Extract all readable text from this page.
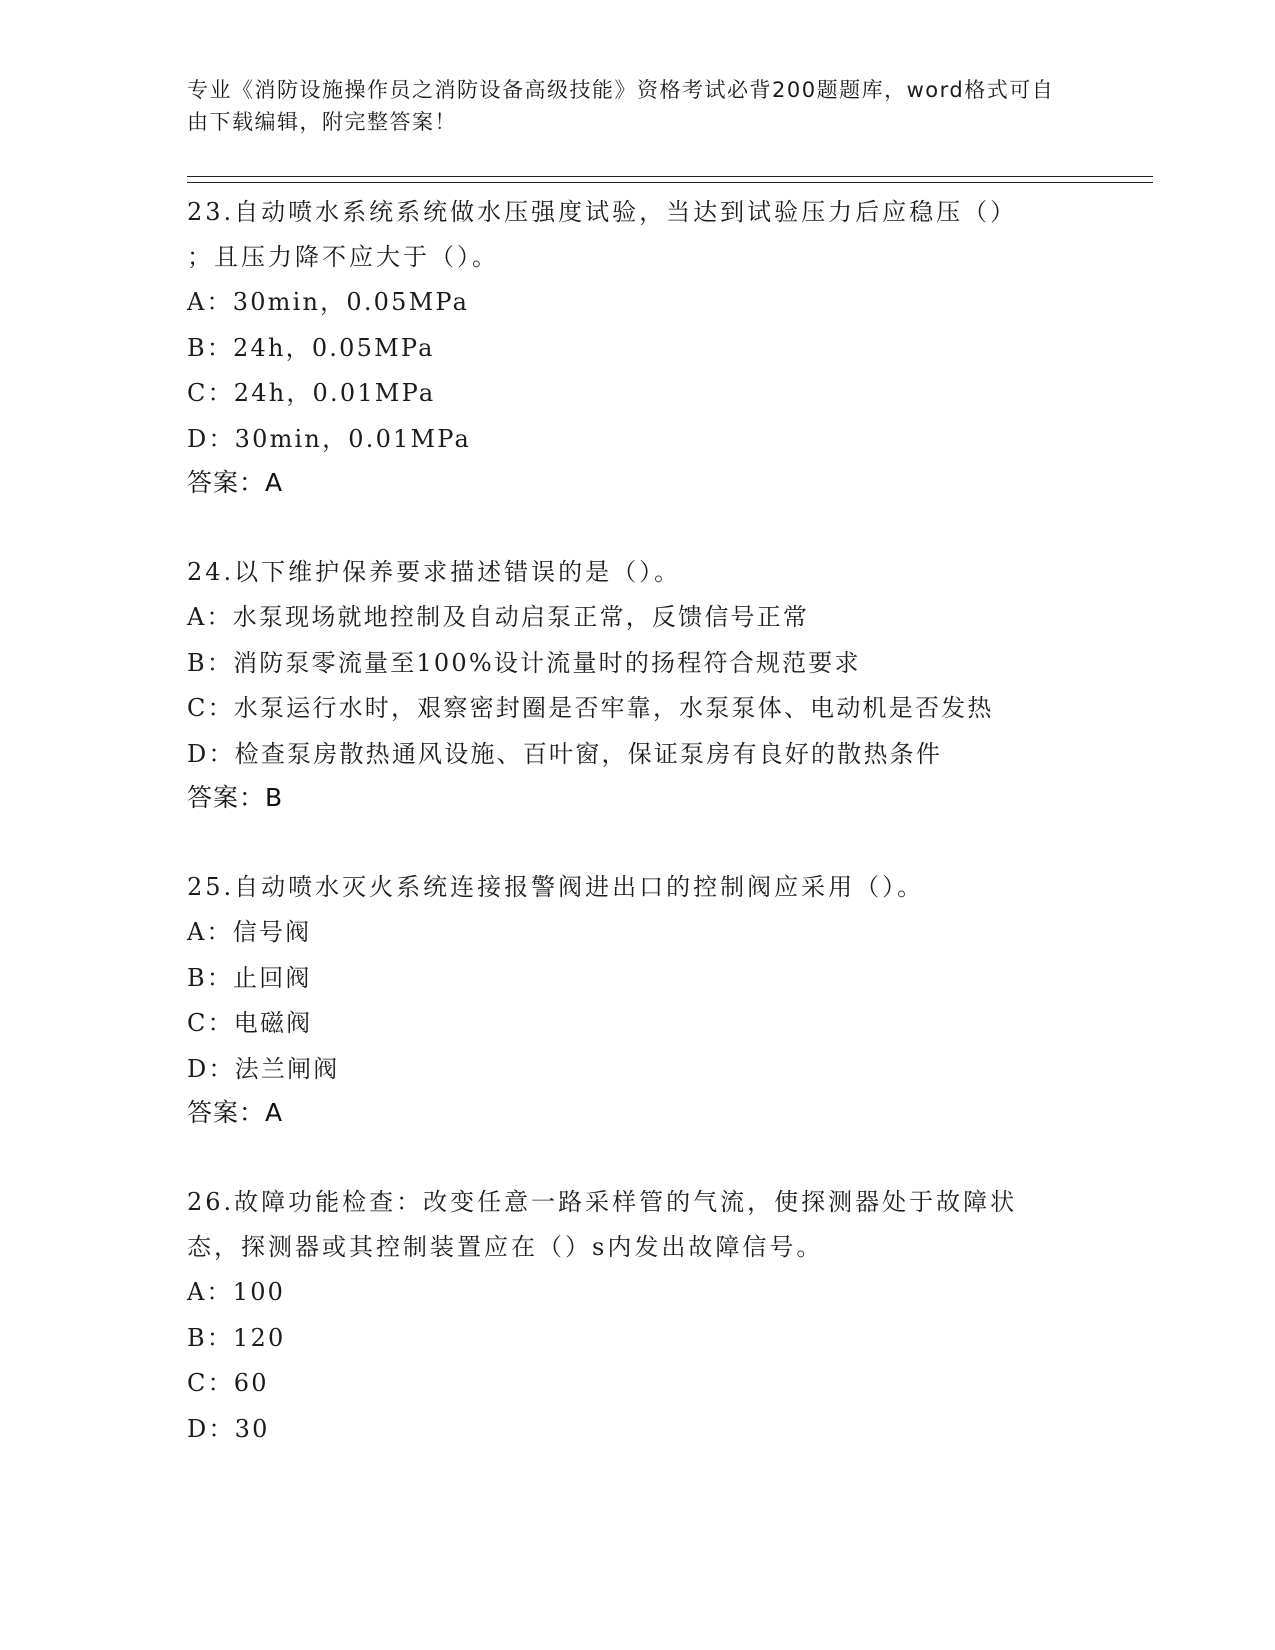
专业《消防设施操作员之消防设备高级技能》资格考试必背200题题库，word格式可自由下载编辑，附完整答案！

23.自动喷水系统系统做水压强度试验，当达到试验压力后应稳压（）

；且压力降不应大于（）。

A：30min，0.05MPa

B：24h，0.05MPa

C：24h，0.01MPa

D：30min，0.01MPa

答案：A

24.以下维护保养要求描述错误的是（）。

A：水泵现场就地控制及自动启泵正常，反馈信号正常

B：消防泵零流量至100%设计流量时的扬程符合规范要求

C：水泵运行水时，艰察密封圈是否牢靠，水泵泵体、电动机是否发热

D：检查泵房散热通风设施、百叶窗，保证泵房有良好的散热条件

答案：B

25.自动喷水灭火系统连接报警阀进出口的控制阀应采用（）。

A：信号阀

B：止回阀

C：电磁阀

D：法兰闸阀

答案：A

26.故障功能检查：改变任意一路采样管的气流，使探测器处于故障状

态，探测器或其控制装置应在（）s内发出故障信号。

A：100

B：120

C：60

D：30
